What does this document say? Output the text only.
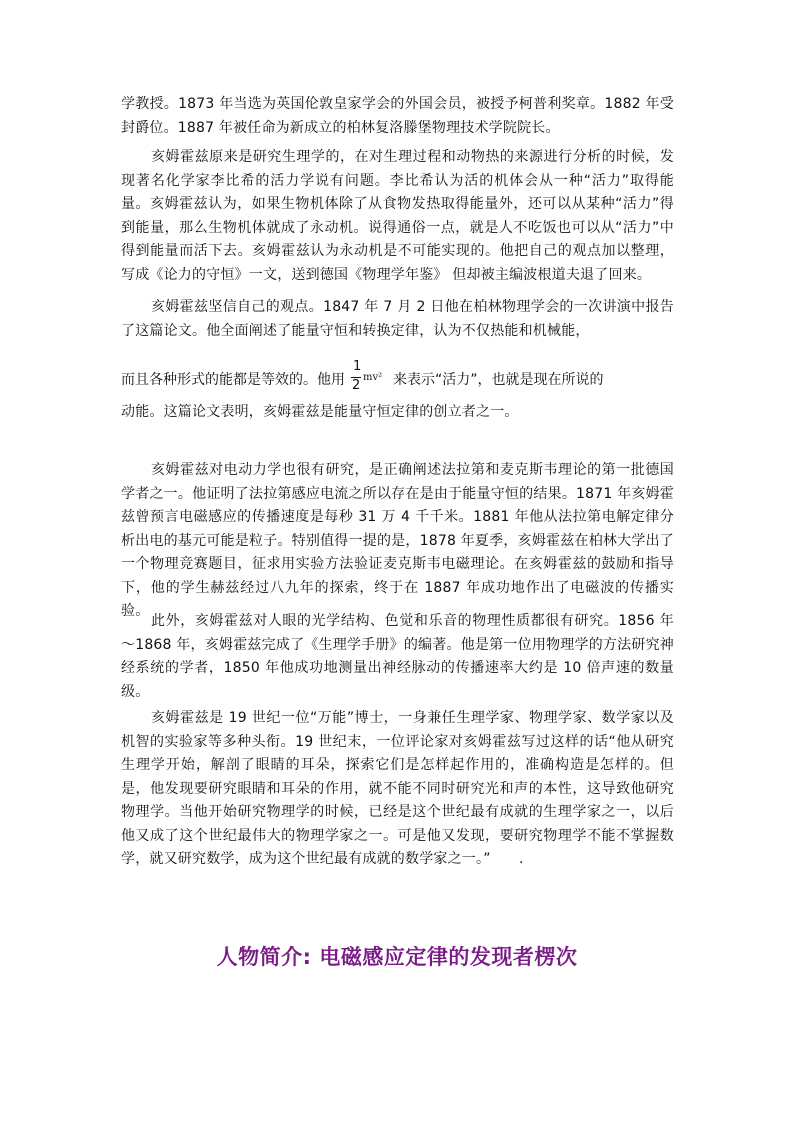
学教授。1873 年当选为英国伦敦皇家学会的外国会员，被授予柯普利奖章。1882 年受封爵位。1887 年被任命为新成立的柏林复洛滕堡物理技术学院院长。

亥姆霍兹原来是研究生理学的，在对生理过程和动物热的来源进行分析的时候，发现著名化学家李比希的活力学说有问题。李比希认为活的机体会从一种“活力”取得能量。亥姆霍兹认为，如果生物机体除了从食物发热取得能量外，还可以从某种“活力”得到能量，那么生物机体就成了永动机。说得通俗一点，就是人不吃饭也可以从“活力”中得到能量而活下去。亥姆霍兹认为永动机是不可能实现的。他把自己的观点加以整理，写成《论力的守恒》一文，送到德国《物理学年鉴》 但却被主编波根道夫退了回来。

亥姆霍兹坚信自己的观点。1847 年 7 月 2 日他在柏林物理学会的一次讲演中报告了这篇论文。他全面阐述了能量守恒和转换定律，认为不仅热能和机械能，

而且各种形式的能都是等效的。他用
1
2
mv² 来表示“活力”，也就是现在所说的

动能。这篇论文表明，亥姆霍兹是能量守恒定律的创立者之一。

亥姆霍兹对电动力学也很有研究，是正确阐述法拉第和麦克斯韦理论的第一批德国学者之一。他证明了法拉第感应电流之所以存在是由于能量守恒的结果。1871 年亥姆霍兹曾预言电磁感应的传播速度是每秒 31 万 4 千千米。1881 年他从法拉第电解定律分析出电的基元可能是粒子。特别值得一提的是，1878 年夏季，亥姆霍兹在柏林大学出了一个物理竞赛题目，征求用实验方法验证麦克斯韦电磁理论。在亥姆霍兹的鼓励和指导下，他的学生赫兹经过八九年的探索，终于在 1887 年成功地作出了电磁波的传播实验。

此外，亥姆霍兹对人眼的光学结构、色觉和乐音的物理性质都很有研究。1856 年～1868 年，亥姆霍兹完成了《生理学手册》的编著。他是第一位用物理学的方法研究神经系统的学者，1850 年他成功地测量出神经脉动的传播速率大约是 10 倍声速的数量级。

亥姆霍兹是 19 世纪一位“万能”博士，一身兼任生理学家、物理学家、数学家以及机智的实验家等多种头衔。19 世纪末，一位评论家对亥姆霍兹写过这样的话“他从研究生理学开始，解剖了眼睛的耳朵，探索它们是怎样起作用的，准确构造是怎样的。但是，他发现要研究眼睛和耳朵的作用，就不能不同时研究光和声的本性，这导致他研究物理学。当他开始研究物理学的时候，已经是这个世纪最有成就的生理学家之一，以后他又成了这个世纪最伟大的物理学家之一。可是他又发现，要研究物理学不能不掌握数学，就又研究数学，成为这个世纪最有成就的数学家之一。”　　.

人物简介: 电磁感应定律的发现者楞次
